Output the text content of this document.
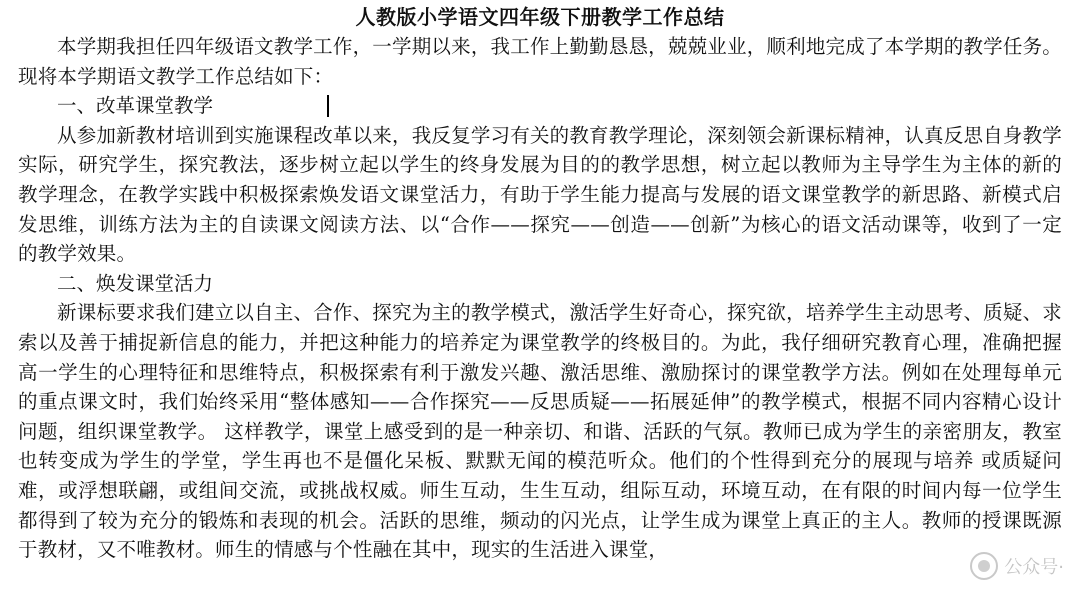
人教版小学语文四年级下册教学工作总结

本学期我担任四年级语文教学工作，一学期以来，我工作上勤勤恳恳，兢兢业业，顺利地完成了本学期的教学任务。现将本学期语文教学工作总结如下：

一、改革课堂教学

从参加新教材培训到实施课程改革以来，我反复学习有关的教育教学理论，深刻领会新课标精神，认真反思自身教学实际，研究学生，探究教法，逐步树立起以学生的终身发展为目的的教学思想，树立起以教师为主导学生为主体的新的教学理念，在教学实践中积极探索焕发语文课堂活力，有助于学生能力提高与发展的语文课堂教学的新思路、新模式启发思维，训练方法为主的自读课文阅读方法、以“合作——探究——创造——创新”为核心的语文活动课等，收到了一定的教学效果。

二、焕发课堂活力

新课标要求我们建立以自主、合作、探究为主的教学模式，激活学生好奇心，探究欲，培养学生主动思考、质疑、求索以及善于捕捉新信息的能力，并把这种能力的培养定为课堂教学的终极目的。为此，我仔细研究教育心理，准确把握高一学生的心理特征和思维特点，积极探索有利于激发兴趣、激活思维、激励探讨的课堂教学方法。例如在处理每单元的重点课文时，我们始终采用“整体感知——合作探究——反思质疑——拓展延伸”的教学模式，根据不同内容精心设计问题，组织课堂教学。 这样教学，课堂上感受到的是一种亲切、和谐、活跃的气氛。教师已成为学生的亲密朋友，教室也转变成为学生的学堂，学生再也不是僵化呆板、默默无闻的模范听众。他们的个性得到充分的展现与培养 或质疑问难，或浮想联翩，或组间交流，或挑战权威。师生互动，生生互动，组际互动，环境互动，在有限的时间内每一位学生都得到了较为充分的锻炼和表现的机会。活跃的思维，频动的闪光点，让学生成为课堂上真正的主人。教师的授课既源于教材，又不唯教材。师生的情感与个性融在其中，现实的生活进入课堂，

公众号·
